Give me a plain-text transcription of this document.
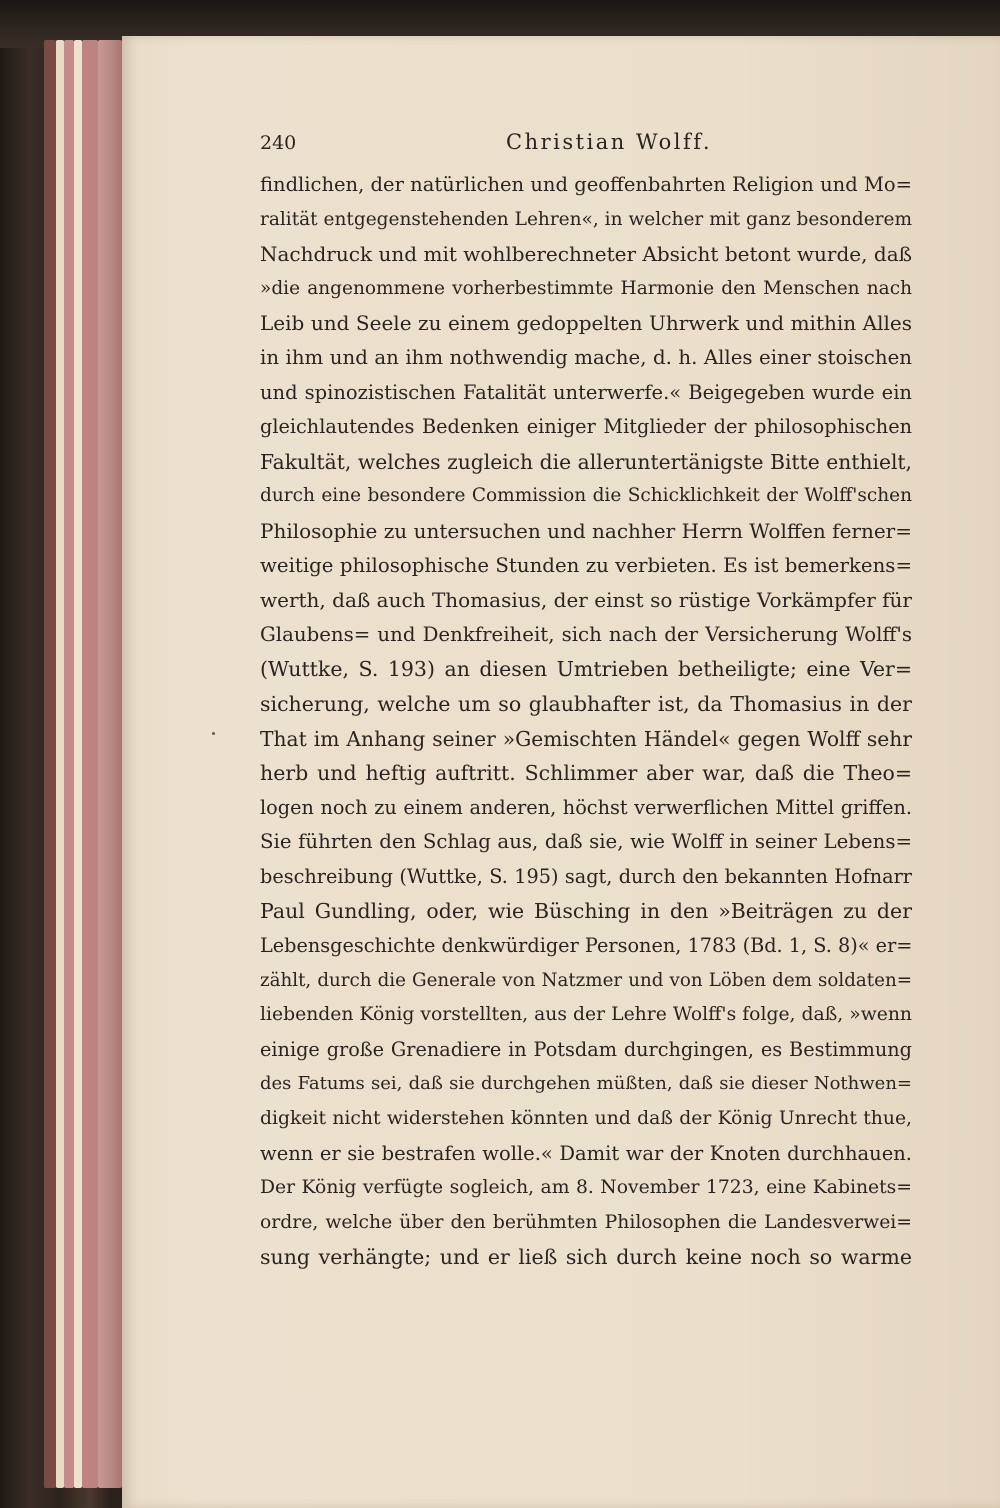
240	Christian Wolff.
findlichen, der natürlichen und geoffenbahrten Religion und Mo=
ralität entgegenstehenden Lehren«, in welcher mit ganz besonderem
Nachdruck und mit wohlberechneter Absicht betont wurde, daß
»die angenommene vorherbestimmte Harmonie den Menschen nach
Leib und Seele zu einem gedoppelten Uhrwerk und mithin Alles
in ihm und an ihm nothwendig mache, d. h. Alles einer stoischen
und spinozistischen Fatalität unterwerfe.« Beigegeben wurde ein
gleichlautendes Bedenken einiger Mitglieder der philosophischen
Fakultät, welches zugleich die alleruntertänigste Bitte enthielt,
durch eine besondere Commission die Schicklichkeit der Wolff'schen
Philosophie zu untersuchen und nachher Herrn Wolffen ferner=
weitige philosophische Stunden zu verbieten. Es ist bemerkens=
werth, daß auch Thomasius, der einst so rüstige Vorkämpfer für
Glaubens= und Denkfreiheit, sich nach der Versicherung Wolff's
(Wuttke, S. 193) an diesen Umtrieben betheiligte; eine Ver=
sicherung, welche um so glaubhafter ist, da Thomasius in der
That im Anhang seiner »Gemischten Händel« gegen Wolff sehr
herb und heftig auftritt. Schlimmer aber war, daß die Theo=
logen noch zu einem anderen, höchst verwerflichen Mittel griffen.
Sie führten den Schlag aus, daß sie, wie Wolff in seiner Lebens=
beschreibung (Wuttke, S. 195) sagt, durch den bekannten Hofnarr
Paul Gundling, oder, wie Büsching in den »Beiträgen zu der
Lebensgeschichte denkwürdiger Personen, 1783 (Bd. 1, S. 8)« er=
zählt, durch die Generale von Natzmer und von Löben dem soldaten=
liebenden König vorstellten, aus der Lehre Wolff's folge, daß, »wenn
einige große Grenadiere in Potsdam durchgingen, es Bestimmung
des Fatums sei, daß sie durchgehen müßten, daß sie dieser Nothwen=
digkeit nicht widerstehen könnten und daß der König Unrecht thue,
wenn er sie bestrafen wolle.« Damit war der Knoten durchhauen.
Der König verfügte sogleich, am 8. November 1723, eine Kabinets=
ordre, welche über den berühmten Philosophen die Landesverwei=
sung verhängte; und er ließ sich durch keine noch so warme
